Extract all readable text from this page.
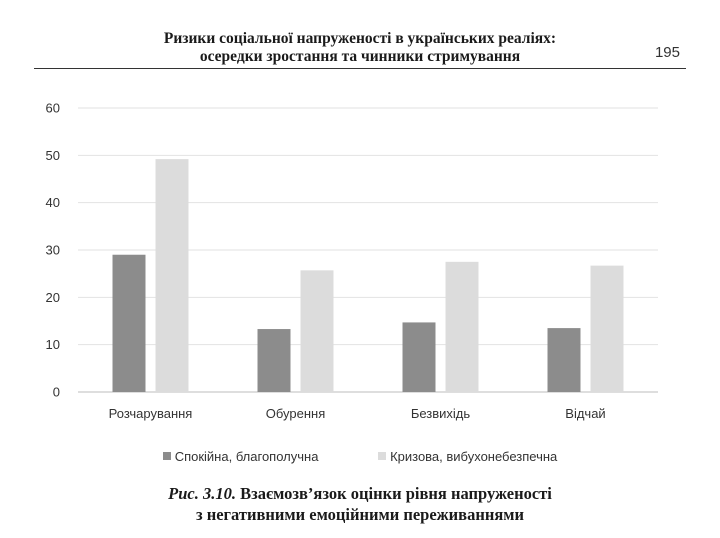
Ризики соціальної напруженості в українських реаліях:
осередки зростання та чинники стримування	195
0
10
20
30
40
50
60
Розчарування	Обурення	Безвихідь	Відчай
Спокійна, благополучна	Кризова, вибухонебезпечна
Рис. 3.10. Взаємозв’язок оцінки рівня напруженості
з негативними емоційними переживаннями
